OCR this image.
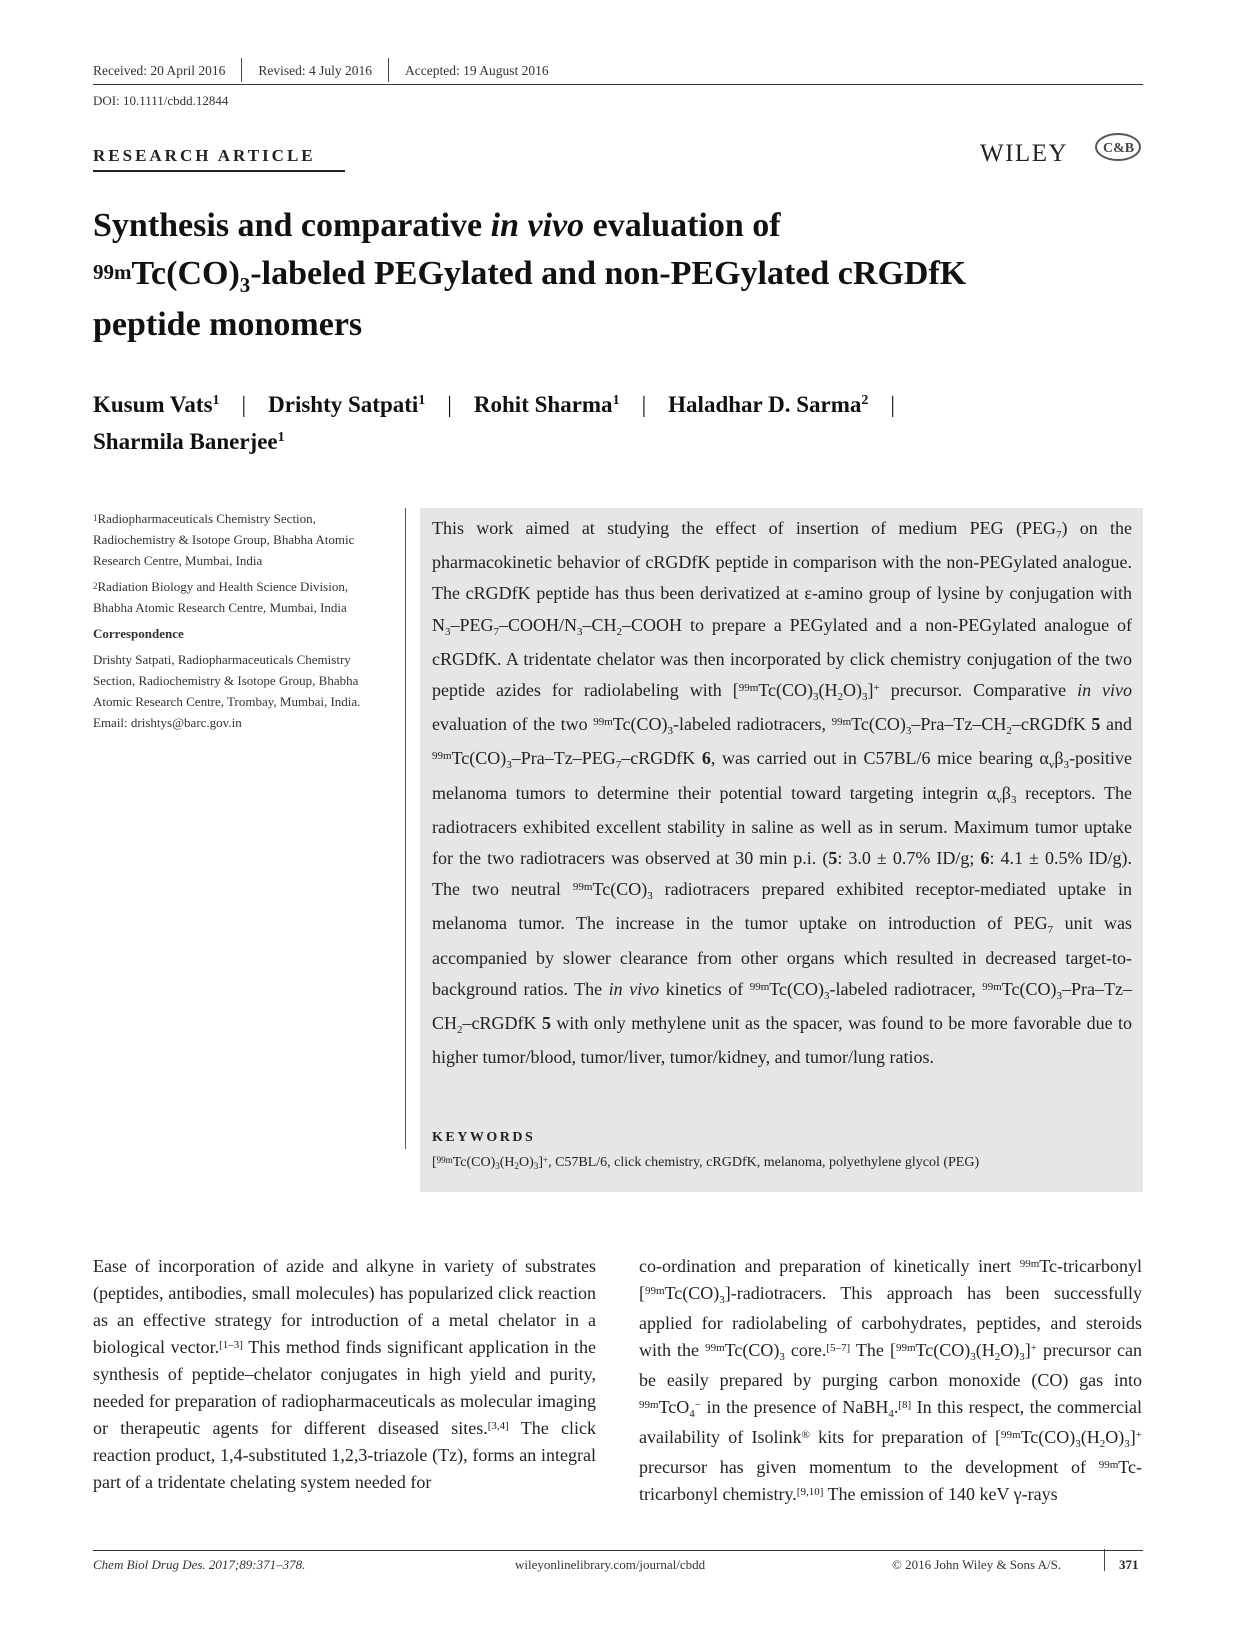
Received: 20 April 2016 Revised: 4 July 2016 Accepted: 19 August 2016
DOI: 10.1111/cbdd.12844
RESEARCH ARTICLE	WILEY C&B
Synthesis and comparative in vivo evaluation of
$^{99m}Tc(CO)_3$-labeled PEGylated and non-PEGylated cRGDfK
peptide monomers
Kusum Vats$^1$ | Drishty Satpati$^1$ | Rohit Sharma$^1$ | Haladhar D. Sarma$^2$ |
Sharmila Banerjee$^1$

$^1$Radiopharmaceuticals Chemistry Section, Radiochemistry & Isotope Group, Bhabha Atomic Research Centre, Mumbai, India

$^2$Radiation Biology and Health Science Division, Bhabha Atomic Research Centre, Mumbai, India

Correspondence

Drishty Satpati, Radiopharmaceuticals Chemistry Section, Radiochemistry & Isotope Group, Bhabha Atomic Research Centre, Trombay, Mumbai, India.
Email: drishtys@barc.gov.in
This work aimed at studying the effect of insertion of medium PEG $(PEG_7)$ on the pharmacokinetic behavior of cRGDfK peptide in comparison with the non-PEGylated analogue. The cRGDfK peptide has thus been derivatized at ε-amino group of lysine by conjugation with $N_3-PEG_7-COOH/N_3-CH_2$–COOH to prepare a PEGylated and a non-PEGylated analogue of cRGDfK. A tridentate chelator was then incorporated by click chemistry conjugation of the two peptide azides for radiolabeling with $[^{99m}Tc(CO)_3(H_2O)_3]^+$ precursor. Comparative in vivo evaluation of the two $^{99m}Tc(CO)_3$-labeled radiotracers, $^{99m}Tc(CO)_3-Pra-Tz-CH_2$–cRGDfK 5 and $^{99m}Tc(CO)_3-Pra-Tz-PEG_7$–cRGDfK 6, was carried out in C57BL/6 mice bearing $\alpha_v\beta_3$-positive melanoma tumors to determine their potential toward targeting integrin $\alpha_v\beta_3$ receptors. The radiotracers exhibited excellent stability in saline as well as in serum. Maximum tumor uptake for the two radiotracers was observed at 30 min p.i. (5: 3.0 ± 0.7% ID/g; 6: 4.1 ± 0.5% ID/g). The two neutral $^{99m}Tc(CO)_3$ radiotracers prepared exhibited receptor-mediated uptake in melanoma tumor. The increase in the tumor uptake on introduction of $PEG_7$ unit was accompanied by slower clearance from other organs which resulted in decreased target-to-background ratios. The in vivo kinetics of $^{99m}Tc(CO)_3$-labeled radiotracer, $^{99m}Tc(CO)_3-Pra-Tz-CH_2$–cRGDfK 5 with only methylene unit as the spacer, was found to be more favorable due to higher tumor/blood, tumor/liver, tumor/kidney, and tumor/lung ratios.
KEYWORDS
$[^{99m}Tc(CO)_3(H_2O)_3]^+$, C57BL/6, click chemistry, cRGDfK, melanoma, polyethylene glycol (PEG)
Ease of incorporation of azide and alkyne in variety of substrates (peptides, antibodies, small molecules) has popularized click reaction as an effective strategy for introduction of a metal chelator in a biological vector.[1–3] This method finds significant application in the synthesis of peptide–chelator conjugates in high yield and purity, needed for preparation of radiopharmaceuticals as molecular imaging or therapeutic agents for different diseased sites.[3,4] The click reaction product, 1,4-substituted 1,2,3-triazole (Tz), forms an integral part of a tridentate chelating system needed for
co-ordination and preparation of kinetically inert $^{99m}$Tc-tricarbonyl $[^{99m}Tc(CO)_3]$-radiotracers. This approach has been successfully applied for radiolabeling of carbohydrates, peptides, and steroids with the $^{99m}Tc(CO)_3$ core.[5–7] The $[^{99m}Tc(CO)_3(H_2O)_3]^+$ precursor can be easily prepared by purging carbon monoxide (CO) gas into $^{99m}$TcO$_4$− in the presence of NaBH$_4$.[8] In this respect, the commercial availability of Isolink® kits for preparation of $[^{99m}Tc(CO)_3(H_2O)_3]^+$ precursor has given momentum to the development of $^{99m}$Tc-tricarbonyl chemistry.[9,10] The emission of 140 keV γ-rays
Chem Biol Drug Des. 2017;89:371–378.	wileyonlinelibrary.com/journal/cbdd	© 2016 John Wiley & Sons A/S.	371
